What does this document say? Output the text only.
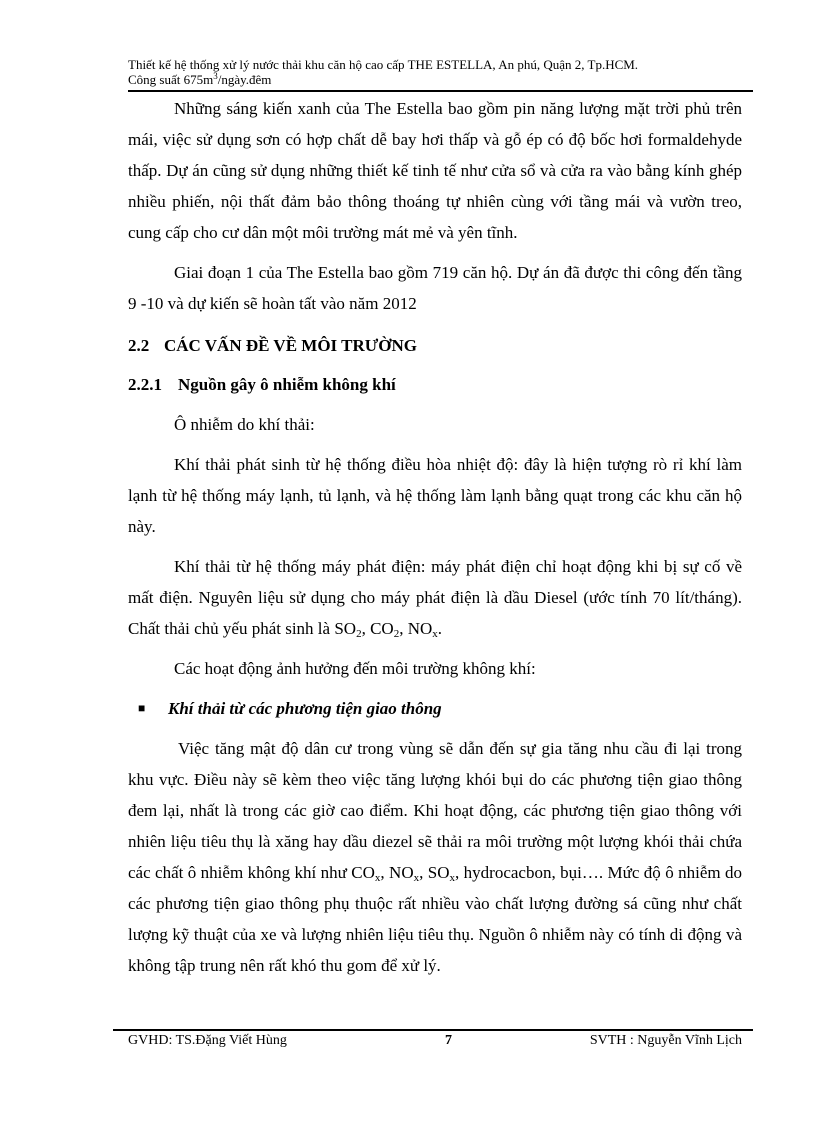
Thiết kế hệ thống xử lý nước thải khu căn hộ cao cấp THE ESTELLA, An phú, Quận 2, Tp.HCM.
Công suất $675m^3/ngày.đêm$

Những sáng kiến xanh của The Estella bao gồm pin năng lượng mặt trời phủ trên mái, việc sử dụng sơn có hợp chất dễ bay hơi thấp và gỗ ép có độ bốc hơi formaldehyde thấp. Dự án cũng sử dụng những thiết kế tinh tế như cửa sổ và cửa ra vào bằng kính ghép nhiều phiến, nội thất đảm bảo thông thoáng tự nhiên cùng với tầng mái và vườn treo, cung cấp cho cư dân một môi trường mát mẻ và yên tĩnh.

Giai đoạn 1 của The Estella bao gồm 719 căn hộ. Dự án đã được thi công đến tầng 9 -10 và dự kiến sẽ hoàn tất vào năm 2012

2.2 CÁC VẤN ĐỀ VỀ MÔI TRƯỜNG

2.2.1 Nguồn gây ô nhiễm không khí

Ô nhiễm do khí thải:

Khí thải phát sinh từ hệ thống điều hòa nhiệt độ: đây là hiện tượng rò rỉ khí làm lạnh từ hệ thống máy lạnh, tủ lạnh, và hệ thống làm lạnh bằng quạt trong các khu căn hộ này.

Khí thải từ hệ thống máy phát điện: máy phát điện chỉ hoạt động khi bị sự cố về mất điện. Nguyên liệu sử dụng cho máy phát điện là dầu Diesel (ước tính 70 lít/tháng). Chất thải chủ yếu phát sinh là $SO_2$, $CO_2$, $NO_x$.

Các hoạt động ảnh hưởng đến môi trường không khí:

■ Khí thải từ các phương tiện giao thông

Việc tăng mật độ dân cư trong vùng sẽ dẫn đến sự gia tăng nhu cầu đi lại trong khu vực. Điều này sẽ kèm theo việc tăng lượng khói bụi do các phương tiện giao thông đem lại, nhất là trong các giờ cao điểm. Khi hoạt động, các phương tiện giao thông với nhiên liệu tiêu thụ là xăng hay dầu diezel sẽ thải ra môi trường một lượng khói thải chứa các chất ô nhiễm không khí như $CO_x$, $NO_x$, $SO_x$, hydrocacbon, bụi…. Mức độ ô nhiễm do các phương tiện giao thông phụ thuộc rất nhiều vào chất lượng đường sá cũng như chất lượng kỹ thuật của xe và lượng nhiên liệu tiêu thụ. Nguồn ô nhiễm này có tính di động và không tập trung nên rất khó thu gom để xử lý.

GVHD: TS.Đặng Viết Hùng	7	SVTH : Nguyễn Vĩnh Lịch
